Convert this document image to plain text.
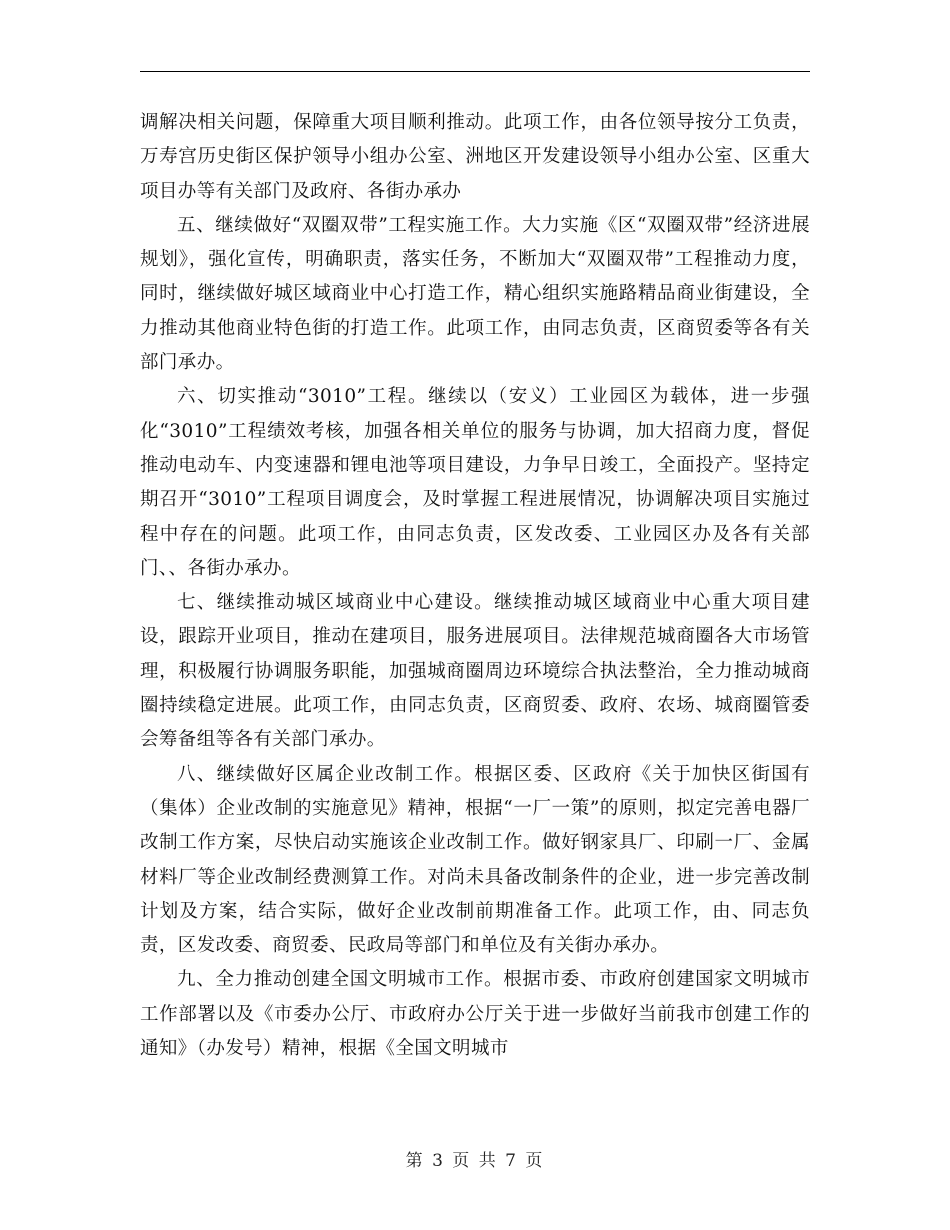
调解决相关问题，保障重大项目顺利推动。此项工作，由各位领导按分工负责，万寿宫历史街区保护领导小组办公室、洲地区开发建设领导小组办公室、区重大项目办等有关部门及政府、各街办承办

五、继续做好“双圈双带”工程实施工作。大力实施《区“双圈双带”经济进展规划》，强化宣传，明确职责，落实任务，不断加大“双圈双带”工程推动力度，同时，继续做好城区域商业中心打造工作，精心组织实施路精品商业街建设，全力推动其他商业特色街的打造工作。此项工作，由同志负责，区商贸委等各有关部门承办。

六、切实推动“3010”工程。继续以（安义）工业园区为载体，进一步强化“3010”工程绩效考核，加强各相关单位的服务与协调，加大招商力度，督促推动电动车、内变速器和锂电池等项目建设，力争早日竣工，全面投产。坚持定期召开“3010”工程项目调度会，及时掌握工程进展情况，协调解决项目实施过程中存在的问题。此项工作，由同志负责，区发改委、工业园区办及各有关部门、、各街办承办。

七、继续推动城区域商业中心建设。继续推动城区域商业中心重大项目建设，跟踪开业项目，推动在建项目，服务进展项目。法律规范城商圈各大市场管理，积极履行协调服务职能，加强城商圈周边环境综合执法整治，全力推动城商圈持续稳定进展。此项工作，由同志负责，区商贸委、政府、农场、城商圈管委会筹备组等各有关部门承办。

八、继续做好区属企业改制工作。根据区委、区政府《关于加快区街国有（集体）企业改制的实施意见》精神，根据“一厂一策”的原则，拟定完善电器厂改制工作方案，尽快启动实施该企业改制工作。做好钢家具厂、印刷一厂、金属材料厂等企业改制经费测算工作。对尚未具备改制条件的企业，进一步完善改制计划及方案，结合实际，做好企业改制前期准备工作。此项工作，由、同志负责，区发改委、商贸委、民政局等部门和单位及有关街办承办。

九、全力推动创建全国文明城市工作。根据市委、市政府创建国家文明城市工作部署以及《市委办公厅、市政府办公厅关于进一步做好当前我市创建工作的通知》（办发号）精神，根据《全国文明城市

第 3 页 共 7 页
